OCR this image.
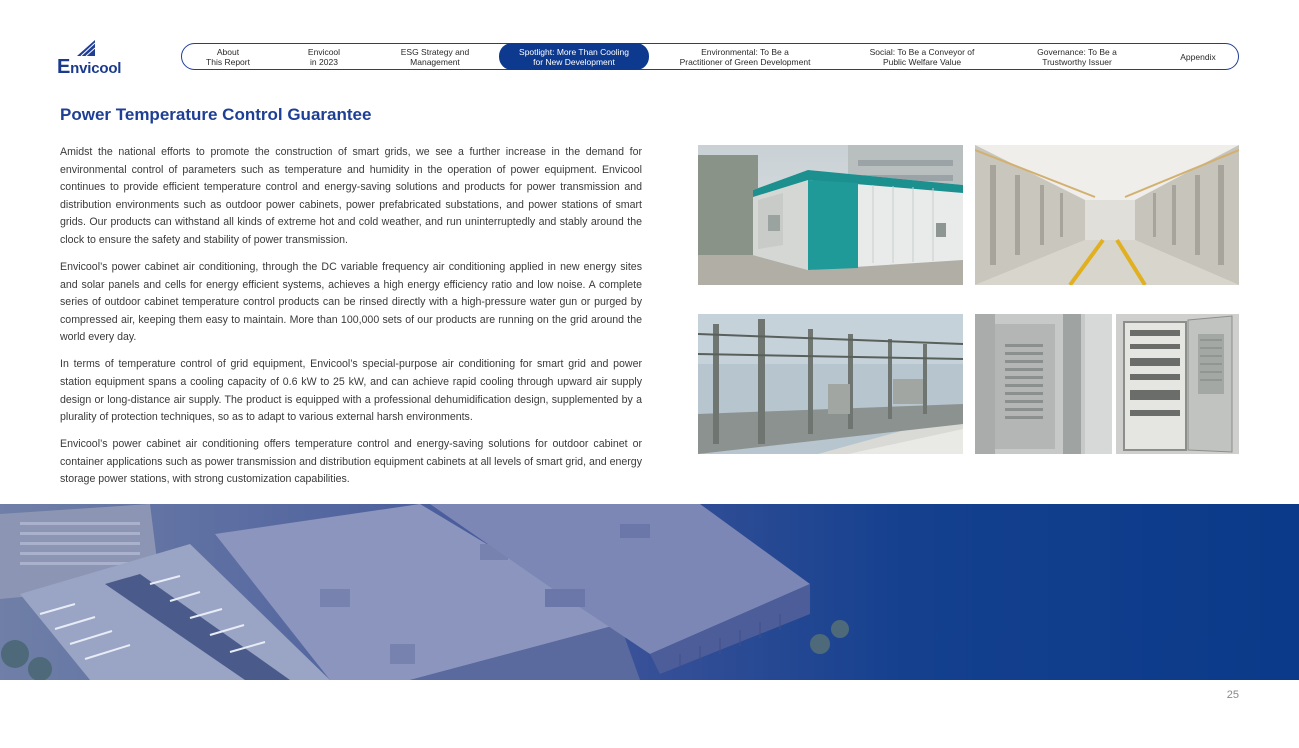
Envicool
About
This Report
Envicool
in 2023
ESG Strategy and
Management
Spotlight: More Than Cooling
for New Development
Environmental: To Be a
Practitioner of Green Development
Social: To Be a Conveyor of
Public Welfare Value
Governance: To Be a
Trustworthy Issuer	Appendix
Power Temperature Control Guarantee

Amidst the national efforts to promote the construction of smart grids, we see a further increase in the demand for environmental control of parameters such as temperature and humidity in the operation of power equipment. Envicool continues to provide efficient temperature control and energy-saving solutions and products for power transmission and distribution environments such as outdoor power cabinets, power prefabricated substations, and power stations of smart grids. Our products can withstand all kinds of extreme hot and cold weather, and run uninterruptedly and stably around the clock to ensure the safety and stability of power transmission.

Envicool’s power cabinet air conditioning, through the DC variable frequency air conditioning applied in new energy sites and solar panels and cells for energy efficient systems, achieves a high energy efficiency ratio and low noise. A complete series of outdoor cabinet temperature control products can be rinsed directly with a high-pressure water gun or purged by compressed air, keeping them easy to maintain. More than 100,000 sets of our products are running on the grid around the world every day.

In terms of temperature control of grid equipment, Envicool’s special-purpose air conditioning for smart grid and power station equipment spans a cooling capacity of 0.6 kW to 25 kW, and can achieve rapid cooling through upward air supply design or long-distance air supply. The product is equipped with a professional dehumidification design, supplemented by a plurality of protection techniques, so as to adapt to various external harsh environments.

Envicool’s power cabinet air conditioning offers temperature control and energy-saving solutions for outdoor cabinet or container applications such as power transmission and distribution equipment cabinets at all levels of smart grid, and energy storage power stations, with strong customization capabilities.

25
